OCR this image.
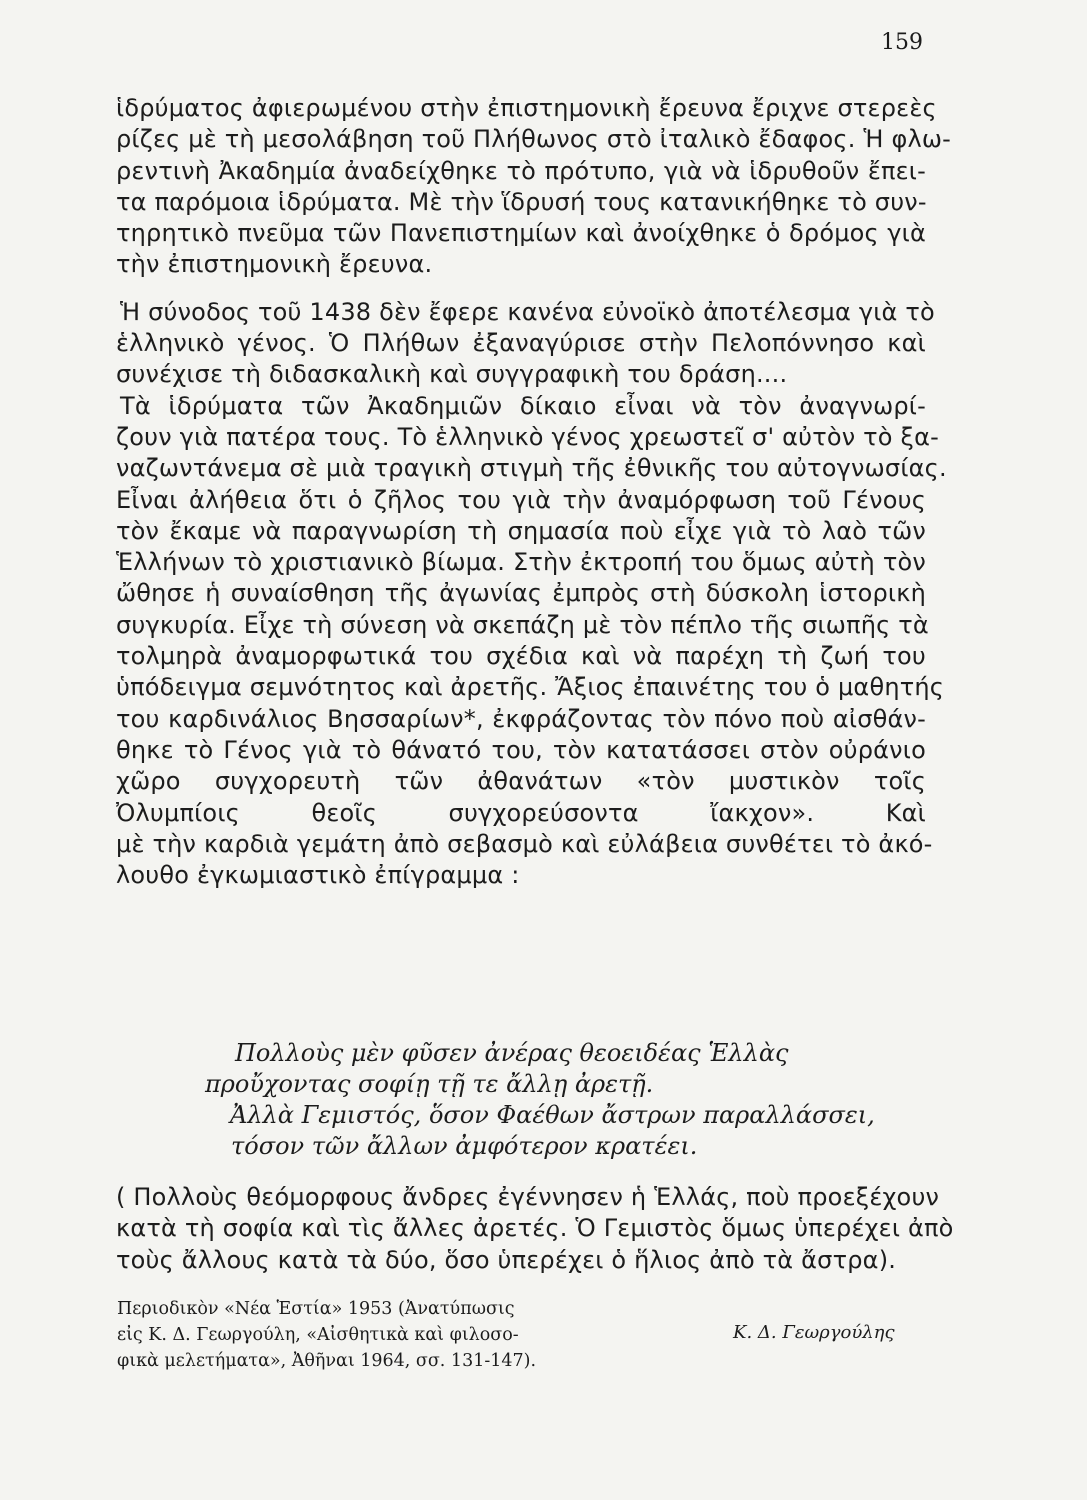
159
ἱδρύματος ἀφιερωμένου στὴν ἐπιστημονικὴ ἔρευνα ἔριχνε στερεὲς
ρίζες μὲ τὴ μεσολάβηση τοῦ Πλήθωνος στὸ ἰταλικὸ ἔδαφος. Ἡ φλω-
ρεντινὴ Ἀκαδημία ἀναδείχθηκε τὸ πρότυπο, γιὰ νὰ ἱδρυθοῦν ἔπει-
τα παρόμοια ἱδρύματα. Μὲ τὴν ἵδρυσή τους κατανικήθηκε τὸ συν-
τηρητικὸ πνεῦμα τῶν Πανεπιστημίων καὶ ἀνοίχθηκε ὁ δρόμος γιὰ
τὴν ἐπιστημονικὴ ἔρευνα.
Ἡ σύνοδος τοῦ 1438 δὲν ἔφερε κανένα εὐνοϊκὸ ἀποτέλεσμα γιὰ τὸ
ἑλληνικὸ γένος. Ὁ Πλήθων ἐξαναγύρισε στὴν Πελοπόννησο καὶ
συνέχισε τὴ διδασκαλικὴ καὶ συγγραφικὴ του δράση....
Τὰ ἱδρύματα τῶν Ἀκαδημιῶν δίκαιο εἶναι νὰ τὸν ἀναγνωρί-
ζουν γιὰ πατέρα τους. Τὸ ἑλληνικὸ γένος χρεωστεῖ σ' αὐτὸν τὸ ξα-
ναζωντάνεμα σὲ μιὰ τραγικὴ στιγμὴ τῆς ἐθνικῆς του αὐτογνωσίας.
Εἶναι ἀλήθεια ὅτι ὁ ζῆλος του γιὰ τὴν ἀναμόρφωση τοῦ Γένους
τὸν ἔκαμε νὰ παραγνωρίση τὴ σημασία ποὺ εἶχε γιὰ τὸ λαὸ τῶν
Ἑλλήνων τὸ χριστιανικὸ βίωμα. Στὴν ἐκτροπή του ὅμως αὐτὴ τὸν
ὤθησε ἡ συναίσθηση τῆς ἀγωνίας ἐμπρὸς στὴ δύσκολη ἱστορικὴ
συγκυρία. Εἶχε τὴ σύνεση νὰ σκεπάζη μὲ τὸν πέπλο τῆς σιωπῆς τὰ
τολμηρὰ ἀναμορφωτικά του σχέδια καὶ νὰ παρέχη τὴ ζωή του
ὑπόδειγμα σεμνότητος καὶ ἀρετῆς. Ἄξιος ἐπαινέτης του ὁ μαθητής
του καρδινάλιος Βησσαρίων*, ἐκφράζοντας τὸν πόνο ποὺ αἰσθάν-
θηκε τὸ Γένος γιὰ τὸ θάνατό του, τὸν κατατάσσει στὸν οὐράνιο
χῶρο συγχορευτὴ τῶν ἀθανάτων «τὸν μυστικὸν τοῖς
Ὀλυμπίοις θεοῖς συγχορεύσοντα ἴακχον». Καὶ
μὲ τὴν καρδιὰ γεμάτη ἀπὸ σεβασμὸ καὶ εὐλάβεια συνθέτει τὸ ἀκό-
λουθο ἐγκωμιαστικὸ ἐπίγραμμα :
Πολλοὺς μὲν φῦσεν ἀνέρας θεοειδέας Ἑλλὰς
προὔχοντας σοφίῃ τῇ τε ἄλλῃ ἀρετῇ.
Ἀλλὰ Γεμιστός, ὅσον Φαέθων ἄστρων παραλλάσσει,
τόσον τῶν ἄλλων ἀμφότερον κρατέει.
( Πολλοὺς θεόμορφους ἄνδρες ἐγέννησεν ἡ Ἑλλάς, ποὺ προεξέχουν
κατὰ τὴ σοφία καὶ τὶς ἄλλες ἀρετές. Ὁ Γεμιστὸς ὅμως ὑπερέχει ἀπὸ
τοὺς ἄλλους κατὰ τὰ δύο, ὅσο ὑπερέχει ὁ ἥλιος ἀπὸ τὰ ἄστρα).
Περιοδικὸν «Νέα Ἑστία» 1953 (Ἀνατύπωσις
εἰς Κ. Δ. Γεωργούλη, «Αἰσθητικὰ καὶ φιλοσο-
φικὰ μελετήματα», Ἀθῆναι 1964, σσ. 131-147).
Κ. Δ. Γεωργούλης
